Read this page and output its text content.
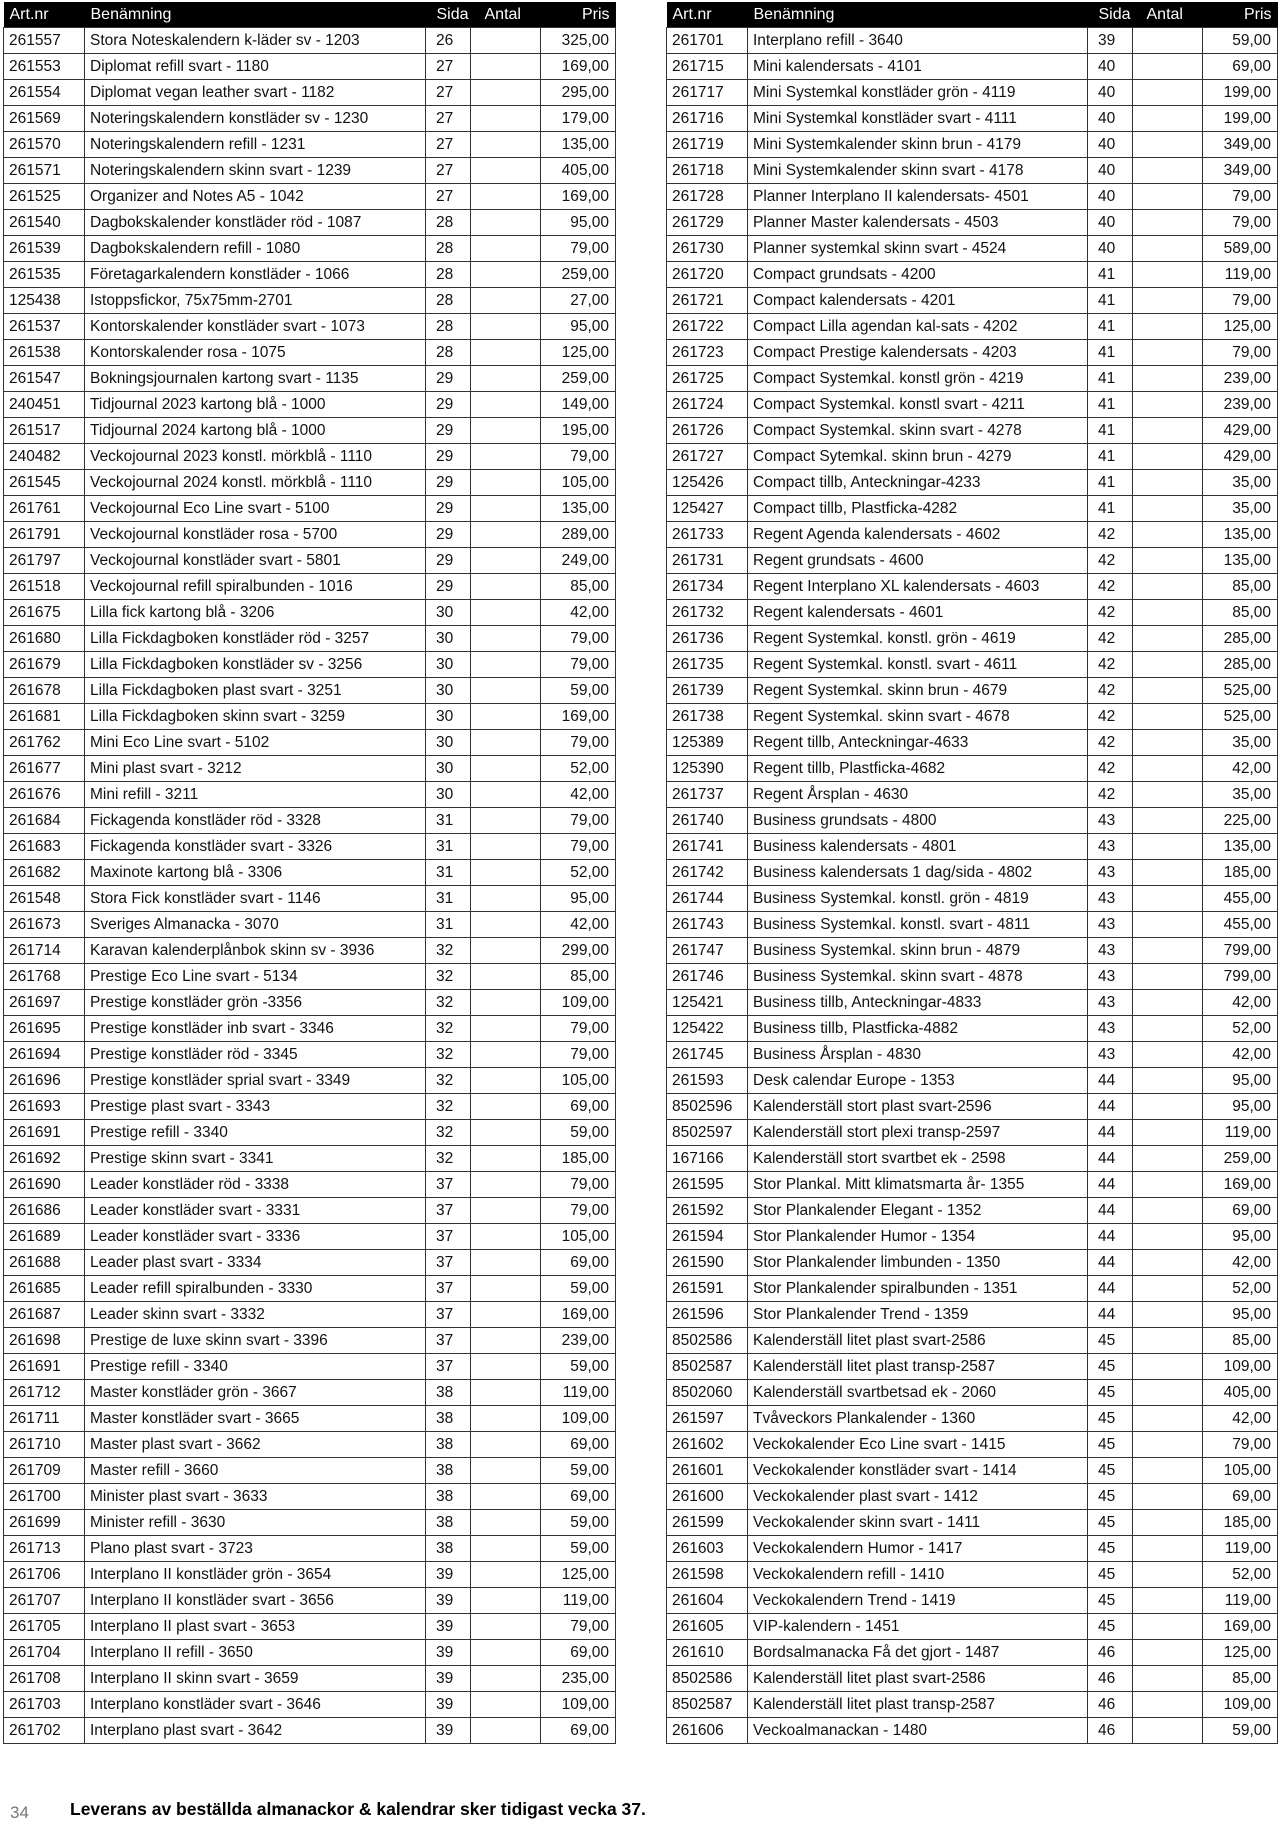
Art.nr	Benämning	Sida	Antal	Pris
261557	Stora Noteskalendern k-läder sv - 1203	26		325,00
261553	Diplomat refill svart - 1180	27		169,00
261554	Diplomat vegan leather svart - 1182	27		295,00
261569	Noteringskalendern konstläder sv - 1230	27		179,00
261570	Noteringskalendern refill - 1231	27		135,00
261571	Noteringskalendern skinn svart - 1239	27		405,00
261525	Organizer and Notes A5 - 1042	27		169,00
261540	Dagbokskalender konstläder röd - 1087	28		95,00
261539	Dagbokskalendern refill - 1080	28		79,00
261535	Företagarkalendern konstläder - 1066	28		259,00
125438	Istoppsfickor, 75x75mm-2701	28		27,00
261537	Kontorskalender konstläder svart - 1073	28		95,00
261538	Kontorskalender rosa - 1075	28		125,00
261547	Bokningsjournalen kartong svart - 1135	29		259,00
240451	Tidjournal 2023 kartong blå - 1000	29		149,00
261517	Tidjournal 2024 kartong blå - 1000	29		195,00
240482	Veckojournal 2023 konstl. mörkblå - 1110	29		79,00
261545	Veckojournal 2024 konstl. mörkblå - 1110	29		105,00
261761	Veckojournal Eco Line svart - 5100	29		135,00
261791	Veckojournal konstläder rosa - 5700	29		289,00
261797	Veckojournal konstläder svart - 5801	29		249,00
261518	Veckojournal refill spiralbunden - 1016	29		85,00
261675	Lilla fick kartong blå - 3206	30		42,00
261680	Lilla Fickdagboken konstläder röd - 3257	30		79,00
261679	Lilla Fickdagboken konstläder sv - 3256	30		79,00
261678	Lilla Fickdagboken plast svart - 3251	30		59,00
261681	Lilla Fickdagboken skinn svart - 3259	30		169,00
261762	Mini Eco Line svart - 5102	30		79,00
261677	Mini plast svart - 3212	30		52,00
261676	Mini refill - 3211	30		42,00
261684	Fickagenda konstläder röd - 3328	31		79,00
261683	Fickagenda konstläder svart - 3326	31		79,00
261682	Maxinote kartong blå - 3306	31		52,00
261548	Stora Fick konstläder svart - 1146	31		95,00
261673	Sveriges Almanacka - 3070	31		42,00
261714	Karavan kalenderplånbok skinn sv - 3936	32		299,00
261768	Prestige Eco Line svart - 5134	32		85,00
261697	Prestige konstläder grön -3356	32		109,00
261695	Prestige konstläder inb svart - 3346	32		79,00
261694	Prestige konstläder röd - 3345	32		79,00
261696	Prestige konstläder sprial svart - 3349	32		105,00
261693	Prestige plast svart - 3343	32		69,00
261691	Prestige refill - 3340	32		59,00
261692	Prestige skinn svart - 3341	32		185,00
261690	Leader konstläder röd - 3338	37		79,00
261686	Leader konstläder svart - 3331	37		79,00
261689	Leader konstläder svart - 3336	37		105,00
261688	Leader plast svart - 3334	37		69,00
261685	Leader refill spiralbunden - 3330	37		59,00
261687	Leader skinn svart - 3332	37		169,00
261698	Prestige de luxe skinn svart - 3396	37		239,00
261691	Prestige refill - 3340	37		59,00
261712	Master konstläder grön - 3667	38		119,00
261711	Master konstläder svart - 3665	38		109,00
261710	Master plast svart - 3662	38		69,00
261709	Master refill - 3660	38		59,00
261700	Minister plast svart - 3633	38		69,00
261699	Minister refill - 3630	38		59,00
261713	Plano plast svart - 3723	38		59,00
261706	Interplano II konstläder grön - 3654	39		125,00
261707	Interplano II konstläder svart - 3656	39		119,00
261705	Interplano II plast svart - 3653	39		79,00
261704	Interplano II refill - 3650	39		69,00
261708	Interplano II skinn svart - 3659	39		235,00
261703	Interplano konstläder svart - 3646	39		109,00
261702	Interplano plast svart - 3642	39		69,00
Art.nr	Benämning	Sida	Antal	Pris
261701	Interplano refill - 3640	39		59,00
261715	Mini kalendersats - 4101	40		69,00
261717	Mini Systemkal konstläder grön - 4119	40		199,00
261716	Mini Systemkal konstläder svart - 4111	40		199,00
261719	Mini Systemkalender skinn brun - 4179	40		349,00
261718	Mini Systemkalender skinn svart - 4178	40		349,00
261728	Planner Interplano II kalendersats- 4501	40		79,00
261729	Planner Master kalendersats - 4503	40		79,00
261730	Planner systemkal skinn svart - 4524	40		589,00
261720	Compact grundsats - 4200	41		119,00
261721	Compact kalendersats - 4201	41		79,00
261722	Compact Lilla agendan kal-sats - 4202	41		125,00
261723	Compact Prestige kalendersats - 4203	41		79,00
261725	Compact Systemkal. konstl grön - 4219	41		239,00
261724	Compact Systemkal. konstl svart - 4211	41		239,00
261726	Compact Systemkal. skinn svart - 4278	41		429,00
261727	Compact Sytemkal. skinn brun - 4279	41		429,00
125426	Compact tillb, Anteckningar-4233	41		35,00
125427	Compact tillb, Plastficka-4282	41		35,00
261733	Regent Agenda kalendersats - 4602	42		135,00
261731	Regent grundsats - 4600	42		135,00
261734	Regent Interplano XL kalendersats - 4603	42		85,00
261732	Regent kalendersats - 4601	42		85,00
261736	Regent Systemkal. konstl. grön - 4619	42		285,00
261735	Regent Systemkal. konstl. svart - 4611	42		285,00
261739	Regent Systemkal. skinn brun - 4679	42		525,00
261738	Regent Systemkal. skinn svart - 4678	42		525,00
125389	Regent tillb, Anteckningar-4633	42		35,00
125390	Regent tillb, Plastficka-4682	42		42,00
261737	Regent Årsplan - 4630	42		35,00
261740	Business grundsats - 4800	43		225,00
261741	Business kalendersats - 4801	43		135,00
261742	Business kalendersats 1 dag/sida - 4802	43		185,00
261744	Business Systemkal. konstl. grön - 4819	43		455,00
261743	Business Systemkal. konstl. svart - 4811	43		455,00
261747	Business Systemkal. skinn brun - 4879	43		799,00
261746	Business Systemkal. skinn svart - 4878	43		799,00
125421	Business tillb, Anteckningar-4833	43		42,00
125422	Business tillb, Plastficka-4882	43		52,00
261745	Business Årsplan - 4830	43		42,00
261593	Desk calendar Europe - 1353	44		95,00
8502596	Kalenderställ stort plast svart-2596	44		95,00
8502597	Kalenderställ stort plexi transp-2597	44		119,00
167166	Kalenderställ stort svartbet ek - 2598	44		259,00
261595	Stor Plankal. Mitt klimatsmarta år- 1355	44		169,00
261592	Stor Plankalender Elegant - 1352	44		69,00
261594	Stor Plankalender Humor - 1354	44		95,00
261590	Stor Plankalender limbunden - 1350	44		42,00
261591	Stor Plankalender spiralbunden - 1351	44		52,00
261596	Stor Plankalender Trend - 1359	44		95,00
8502586	Kalenderställ litet plast svart-2586	45		85,00
8502587	Kalenderställ litet plast transp-2587	45		109,00
8502060	Kalenderställ svartbetsad ek - 2060	45		405,00
261597	Tvåveckors Plankalender - 1360	45		42,00
261602	Veckokalender Eco Line svart - 1415	45		79,00
261601	Veckokalender konstläder svart - 1414	45		105,00
261600	Veckokalender plast svart - 1412	45		69,00
261599	Veckokalender skinn svart - 1411	45		185,00
261603	Veckokalendern Humor - 1417	45		119,00
261598	Veckokalendern refill - 1410	45		52,00
261604	Veckokalendern Trend - 1419	45		119,00
261605	VIP-kalendern - 1451	45		169,00
261610	Bordsalmanacka Få det gjort - 1487	46		125,00
8502586	Kalenderställ litet plast svart-2586	46		85,00
8502587	Kalenderställ litet plast transp-2587	46		109,00
261606	Veckoalmanackan - 1480	46		59,00
34 Leverans av beställda almanackor & kalendrar sker tidigast vecka 37.
